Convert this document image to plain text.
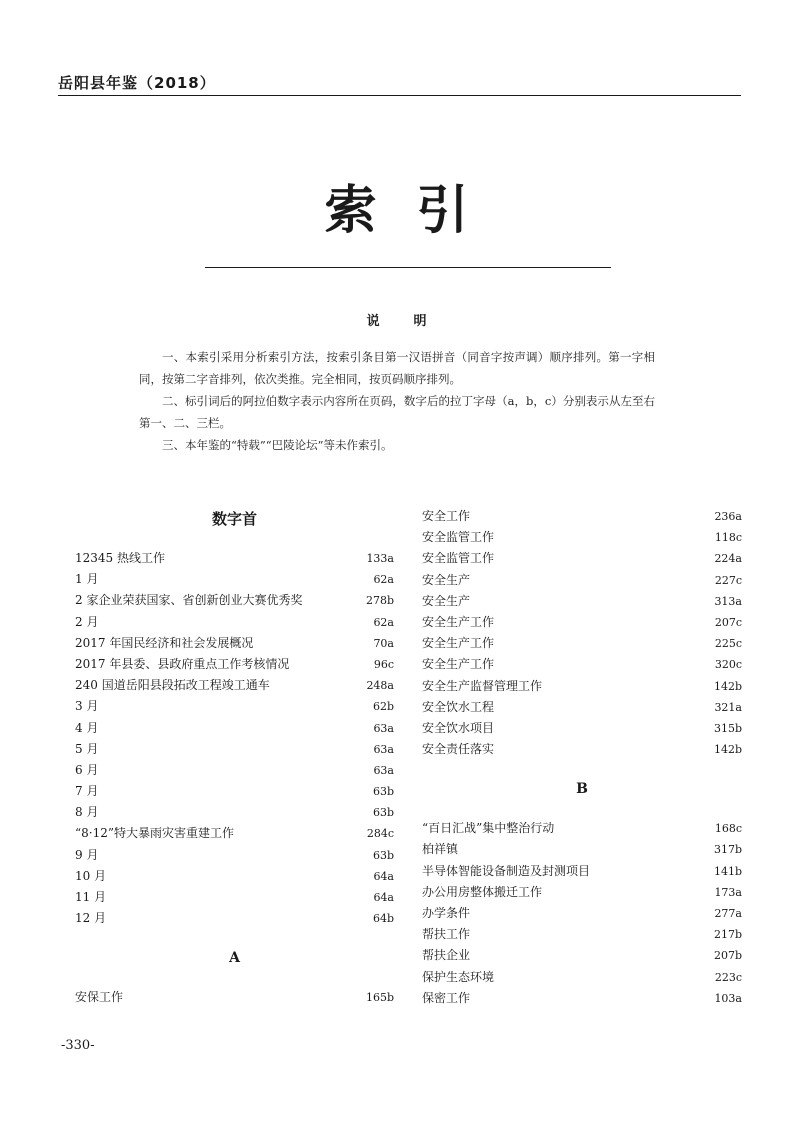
岳阳县年鉴（2018）
索引
说明

一、本索引采用分析索引方法，按索引条目第一汉语拼音（同音字按声调）顺序排列。第一字相同，按第二字音排列，依次类推。完全相同，按页码顺序排列。

二、标引词后的阿拉伯数字表示内容所在页码，数字后的拉丁字母（a，b，c）分别表示从左至右第一、二、三栏。

三、本年鉴的“特载”“巴陵论坛”等未作索引。

数字首
12345 热线工作	133a
1 月	62a
2 家企业荣获国家、省创新创业大赛优秀奖	278b
2 月	62a
2017 年国民经济和社会发展概况	70a
2017 年县委、县政府重点工作考核情况	96c
240 国道岳阳县段拓改工程竣工通车	248a
3 月	62b
4 月	63a
5 月	63a
6 月	63a
7 月	63b
8 月	63b
“8·12”特大暴雨灾害重建工作	284c
9 月	63b
10 月	64a
11 月	64a
12 月	64b
A
安保工作	165b
安全工作	236a
安全监管工作	118c
安全监管工作	224a
安全生产	227c
安全生产	313a
安全生产工作	207c
安全生产工作	225c
安全生产工作	320c
安全生产监督管理工作	142b
安全饮水工程	321a
安全饮水项目	315b
安全责任落实	142b
B
“百日汇战”集中整治行动	168c
柏祥镇	317b
半导体智能设备制造及封测项目	141b
办公用房整体搬迁工作	173a
办学条件	277a
帮扶工作	217b
帮扶企业	207b
保护生态环境	223c
保密工作	103a
-330-
